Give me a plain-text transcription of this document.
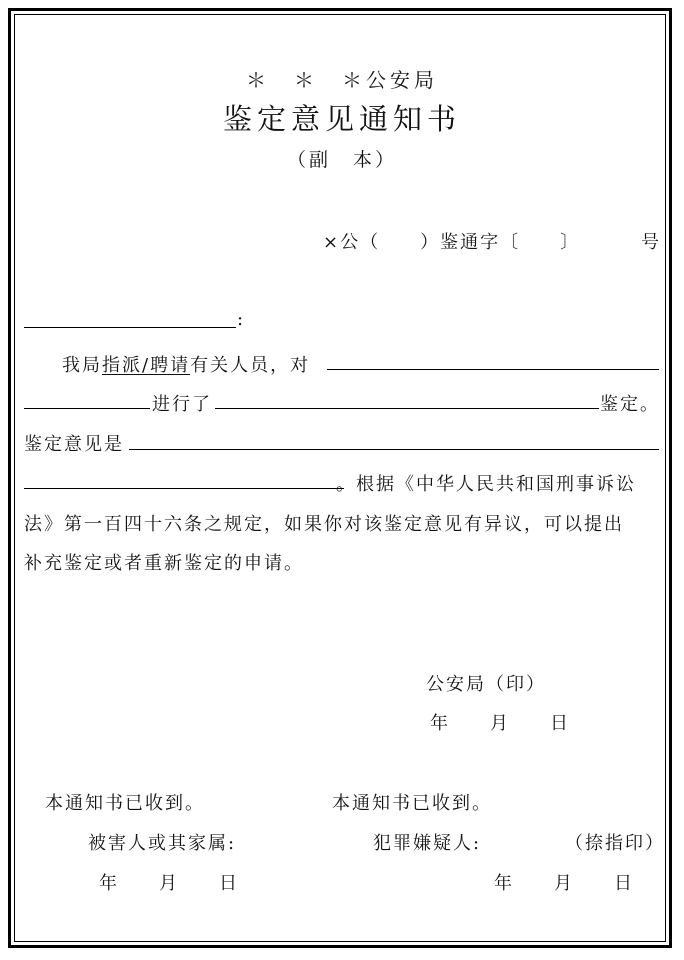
＊　＊　＊公安局
鉴定意见通知书
（副　本）
×公（　　）鉴通字〔　　〕	号
:
我局指派/聘请有关人员，对
进行了	鉴定。
鉴定意见是
。根据《中华人民共和国刑事诉讼
法》第一百四十六条之规定，如果你对该鉴定意见有异议，可以提出
补充鉴定或者重新鉴定的申请。
公安局（印）
年　　月　　日
本通知书已收到。	本通知书已收到。
被害人或其家属:	犯罪嫌疑人:	（捺指印）
年　　月　　日	年　　月　　日
